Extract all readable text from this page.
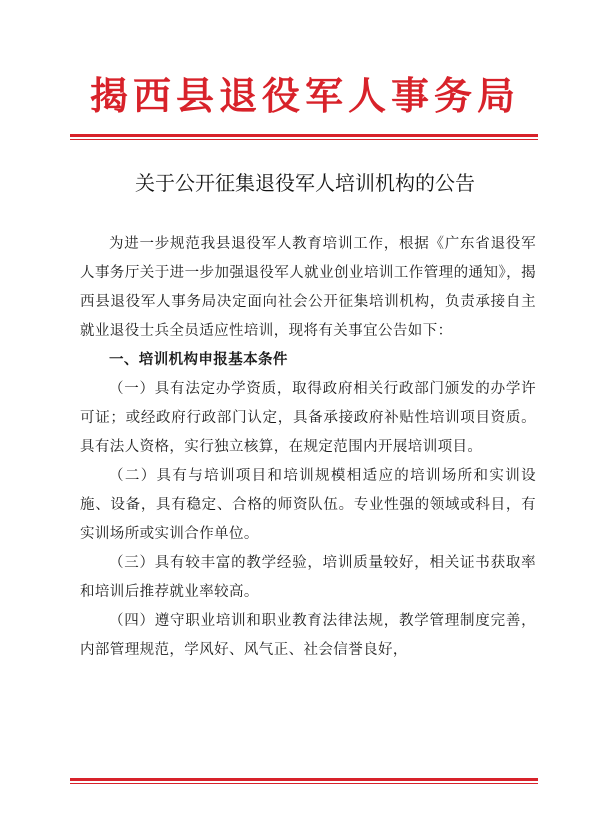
揭西县退役军人事务局
关于公开征集退役军人培训机构的公告

为进一步规范我县退役军人教育培训工作，根据《广东省退役军人事务厅关于进一步加强退役军人就业创业培训工作管理的通知》，揭西县退役军人事务局决定面向社会公开征集培训机构，负责承接自主就业退役士兵全员适应性培训，现将有关事宜公告如下：

一、培训机构申报基本条件

（一）具有法定办学资质，取得政府相关行政部门颁发的办学许可证；或经政府行政部门认定，具备承接政府补贴性培训项目资质。具有法人资格，实行独立核算，在规定范围内开展培训项目。

（二）具有与培训项目和培训规模相适应的培训场所和实训设施、设备，具有稳定、合格的师资队伍。专业性强的领域或科目，有实训场所或实训合作单位。

（三）具有较丰富的教学经验，培训质量较好，相关证书获取率和培训后推荐就业率较高。

（四）遵守职业培训和职业教育法律法规，教学管理制度完善，内部管理规范，学风好、风气正、社会信誉良好，
